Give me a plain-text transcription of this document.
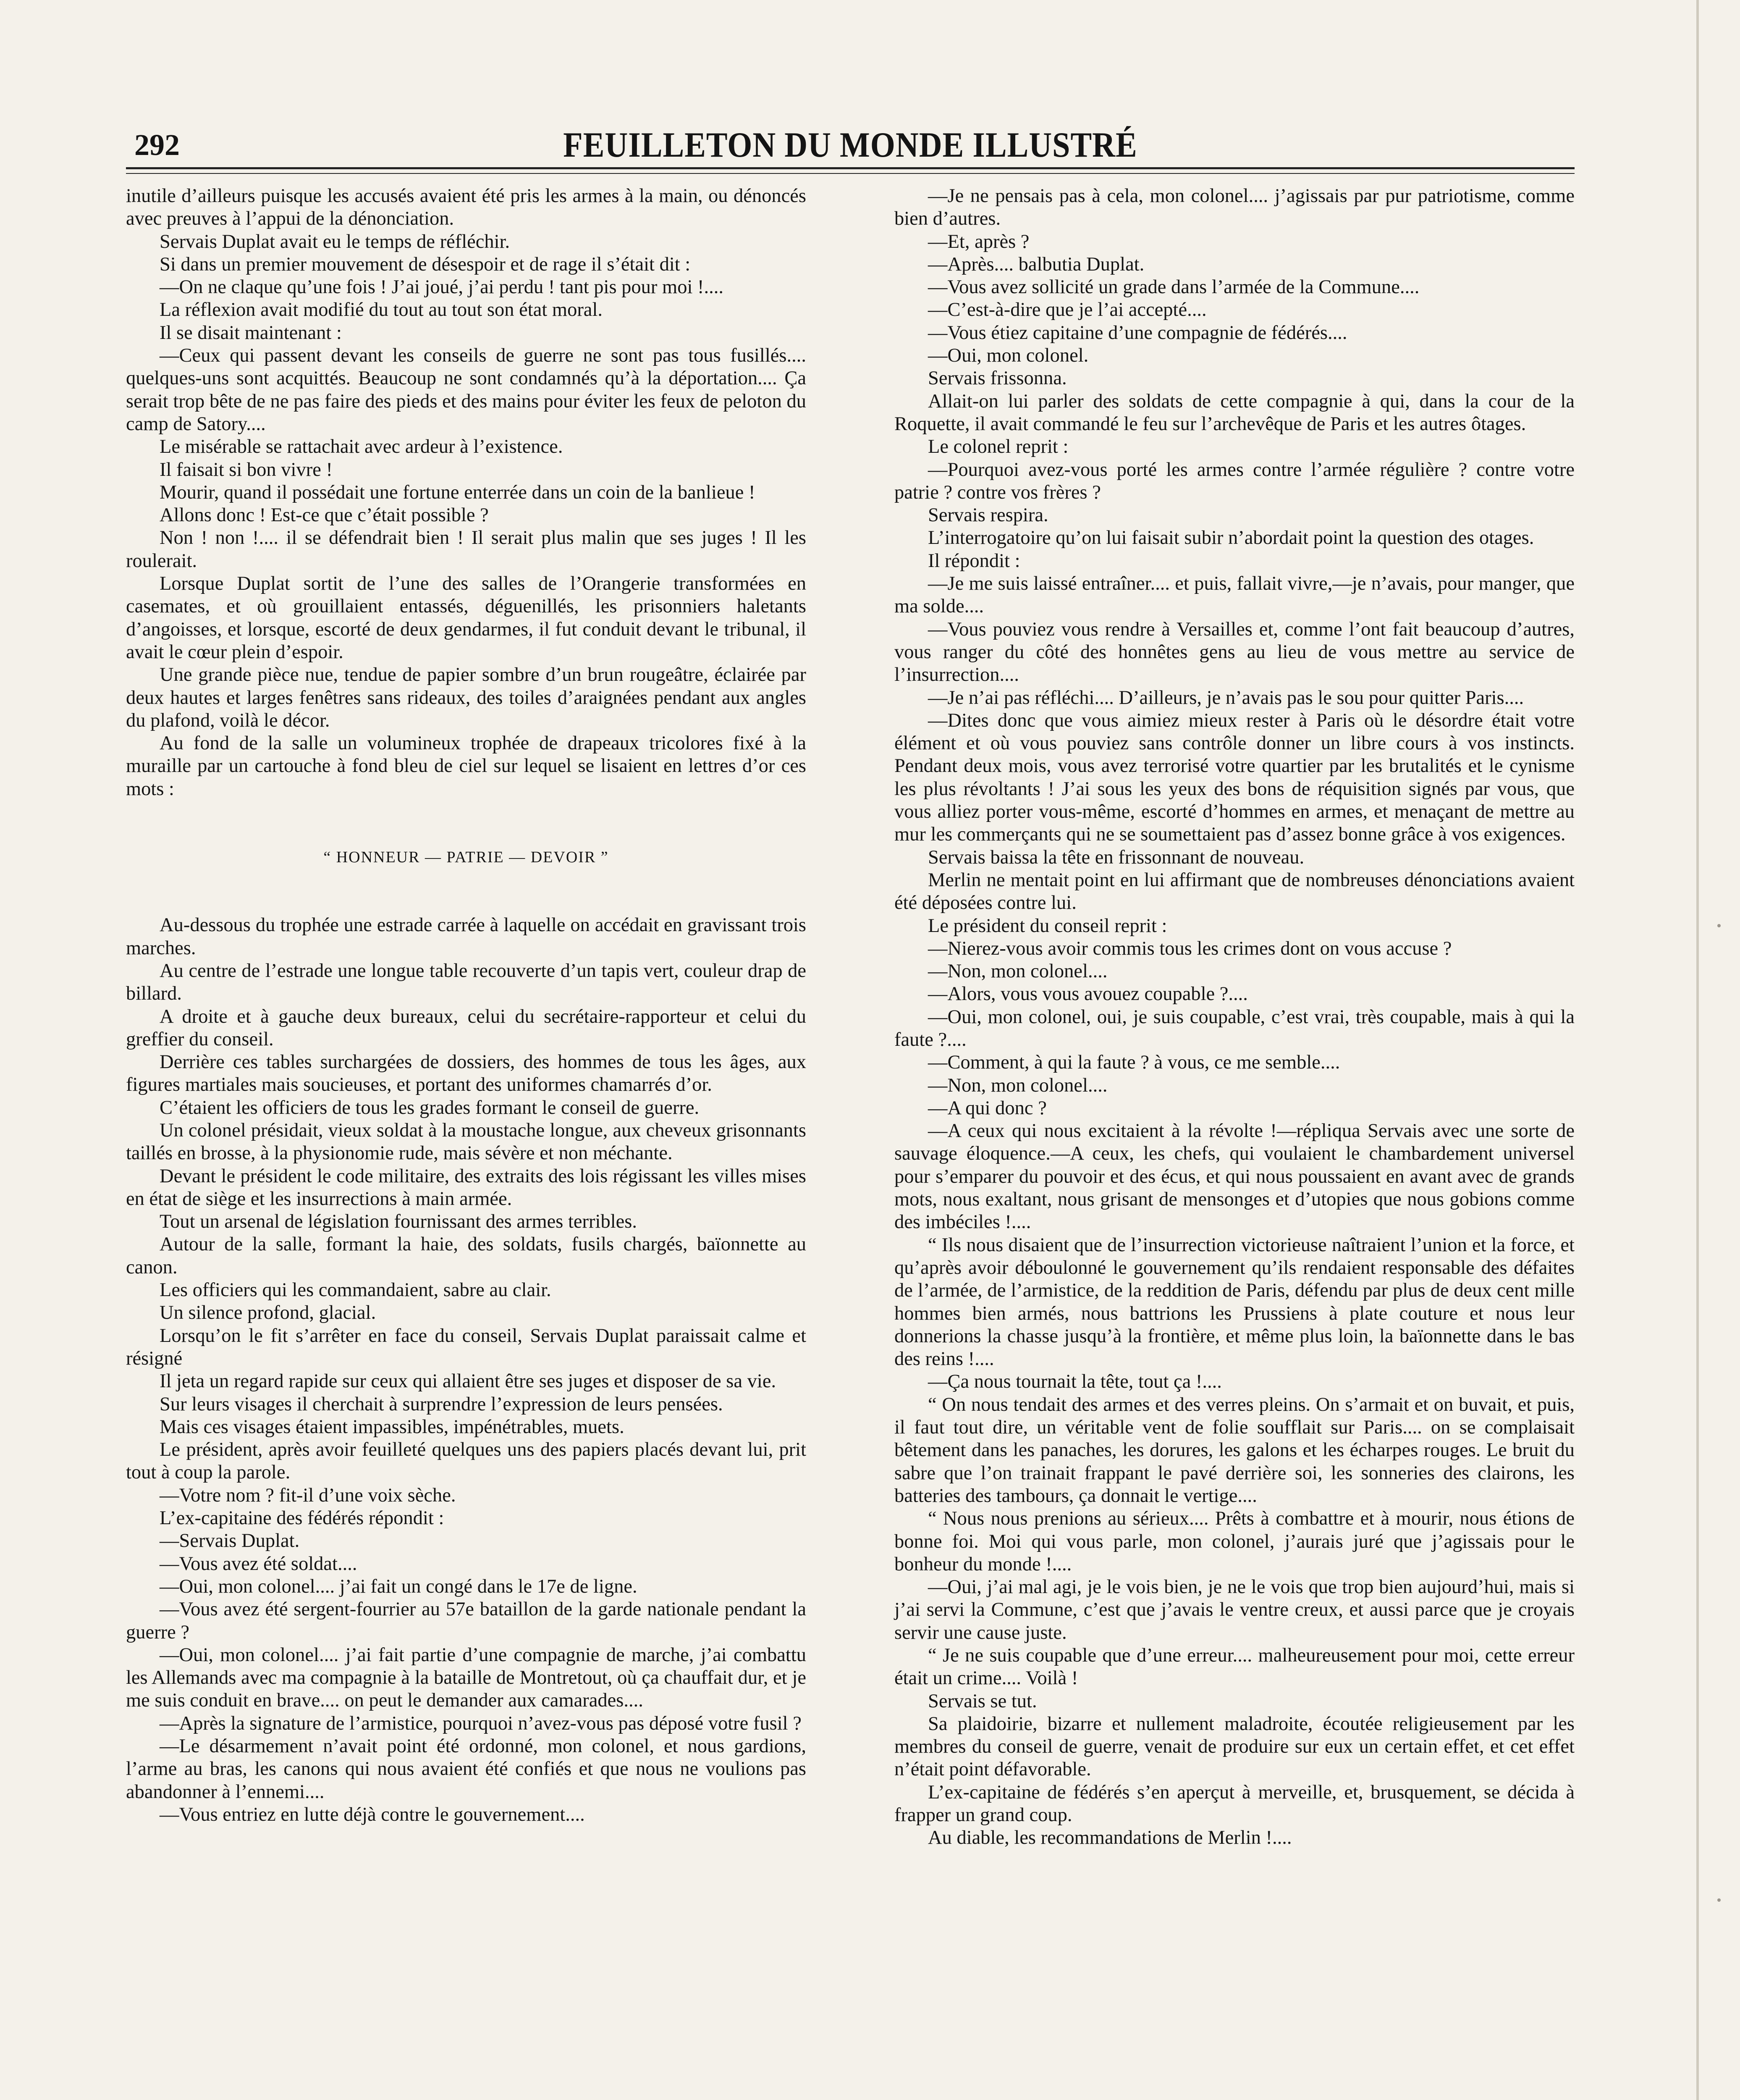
292	FEUILLETON DU MONDE ILLUSTRÉ

inutile d’ailleurs puisque les accusés avaient été pris les armes à la main, ou dénoncés avec preuves à l’appui de la dénonciation.

Servais Duplat avait eu le temps de réfléchir.

Si dans un premier mouvement de désespoir et de rage il s’était dit :

—On ne claque qu’une fois ! J’ai joué, j’ai perdu ! tant pis pour moi !....

La réflexion avait modifié du tout au tout son état moral.

Il se disait maintenant :

—Ceux qui passent devant les conseils de guerre ne sont pas tous fusillés.... quelques-uns sont acquittés. Beaucoup ne sont condamnés qu’à la déportation.... Ça serait trop bête de ne pas faire des pieds et des mains pour éviter les feux de peloton du camp de Satory....

Le misérable se rattachait avec ardeur à l’existence.

Il faisait si bon vivre !

Mourir, quand il possédait une fortune enterrée dans un coin de la banlieue !

Allons donc ! Est-ce que c’était possible ?

Non ! non !.... il se défendrait bien ! Il serait plus malin que ses juges ! Il les roulerait.

Lorsque Duplat sortit de l’une des salles de l’Orangerie transformées en casemates, et où grouillaient entassés, déguenillés, les prisonniers haletants d’angoisses, et lorsque, escorté de deux gendarmes, il fut conduit devant le tribunal, il avait le cœur plein d’espoir.

Une grande pièce nue, tendue de papier sombre d’un brun rougeâtre, éclairée par deux hautes et larges fenêtres sans rideaux, des toiles d’araignées pendant aux angles du plafond, voilà le décor.

Au fond de la salle un volumineux trophée de drapeaux tricolores fixé à la muraille par un cartouche à fond bleu de ciel sur lequel se lisaient en lettres d’or ces mots :

“ HONNEUR — PATRIE — DEVOIR ”

Au-dessous du trophée une estrade carrée à laquelle on accédait en gravissant trois marches.

Au centre de l’estrade une longue table recouverte d’un tapis vert, couleur drap de billard.

A droite et à gauche deux bureaux, celui du secrétaire-rapporteur et celui du greffier du conseil.

Derrière ces tables surchargées de dossiers, des hommes de tous les âges, aux figures martiales mais soucieuses, et portant des uniformes chamarrés d’or.

C’étaient les officiers de tous les grades formant le conseil de guerre.

Un colonel présidait, vieux soldat à la moustache longue, aux cheveux grisonnants taillés en brosse, à la physionomie rude, mais sévère et non méchante.

Devant le président le code militaire, des extraits des lois régissant les villes mises en état de siège et les insurrections à main armée.

Tout un arsenal de législation fournissant des armes terribles.

Autour de la salle, formant la haie, des soldats, fusils chargés, baïonnette au canon.

Les officiers qui les commandaient, sabre au clair.

Un silence profond, glacial.

Lorsqu’on le fit s’arrêter en face du conseil, Servais Duplat paraissait calme et résigné

Il jeta un regard rapide sur ceux qui allaient être ses juges et disposer de sa vie.

Sur leurs visages il cherchait à surprendre l’expression de leurs pensées.

Mais ces visages étaient impassibles, impénétrables, muets.

Le président, après avoir feuilleté quelques uns des papiers placés devant lui, prit tout à coup la parole.

—Votre nom ? fit-il d’une voix sèche.

L’ex-capitaine des fédérés répondit :

—Servais Duplat.

—Vous avez été soldat....

—Oui, mon colonel.... j’ai fait un congé dans le 17e de ligne.

—Vous avez été sergent-fourrier au 57e bataillon de la garde nationale pendant la guerre ?

—Oui, mon colonel.... j’ai fait partie d’une compagnie de marche, j’ai combattu les Allemands avec ma compagnie à la bataille de Montretout, où ça chauffait dur, et je me suis conduit en brave.... on peut le demander aux camarades....

—Après la signature de l’armistice, pourquoi n’avez-vous pas déposé votre fusil ?

—Le désarmement n’avait point été ordonné, mon colonel, et nous gardions, l’arme au bras, les canons qui nous avaient été confiés et que nous ne voulions pas abandonner à l’ennemi....

—Vous entriez en lutte déjà contre le gouvernement....

—Je ne pensais pas à cela, mon colonel.... j’agissais par pur patriotisme, comme bien d’autres.

—Et, après ?

—Après.... balbutia Duplat.

—Vous avez sollicité un grade dans l’armée de la Commune....

—C’est-à-dire que je l’ai accepté....

—Vous étiez capitaine d’une compagnie de fédérés....

—Oui, mon colonel.

Servais frissonna.

Allait-on lui parler des soldats de cette compagnie à qui, dans la cour de la Roquette, il avait commandé le feu sur l’archevêque de Paris et les autres ôtages.

Le colonel reprit :

—Pourquoi avez-vous porté les armes contre l’armée régulière ? contre votre patrie ? contre vos frères ?

Servais respira.

L’interrogatoire qu’on lui faisait subir n’abordait point la question des otages.

Il répondit :

—Je me suis laissé entraîner.... et puis, fallait vivre,—je n’avais, pour manger, que ma solde....

—Vous pouviez vous rendre à Versailles et, comme l’ont fait beaucoup d’autres, vous ranger du côté des honnêtes gens au lieu de vous mettre au service de l’insurrection....

—Je n’ai pas réfléchi.... D’ailleurs, je n’avais pas le sou pour quitter Paris....

—Dites donc que vous aimiez mieux rester à Paris où le désordre était votre élément et où vous pouviez sans contrôle donner un libre cours à vos instincts. Pendant deux mois, vous avez terrorisé votre quartier par les brutalités et le cynisme les plus révoltants ! J’ai sous les yeux des bons de réquisition signés par vous, que vous alliez porter vous-même, escorté d’hommes en armes, et menaçant de mettre au mur les commerçants qui ne se soumettaient pas d’assez bonne grâce à vos exigences.

Servais baissa la tête en frissonnant de nouveau.

Merlin ne mentait point en lui affirmant que de nombreuses dénonciations avaient été déposées contre lui.

Le président du conseil reprit :

—Nierez-vous avoir commis tous les crimes dont on vous accuse ?

—Non, mon colonel....

—Alors, vous vous avouez coupable ?....

—Oui, mon colonel, oui, je suis coupable, c’est vrai, très coupable, mais à qui la faute ?....

—Comment, à qui la faute ? à vous, ce me semble....

—Non, mon colonel....

—A qui donc ?

—A ceux qui nous excitaient à la révolte !—répliqua Servais avec une sorte de sauvage éloquence.—A ceux, les chefs, qui voulaient le chambardement universel pour s’emparer du pouvoir et des écus, et qui nous poussaient en avant avec de grands mots, nous exaltant, nous grisant de mensonges et d’utopies que nous gobions comme des imbéciles !....

“ Ils nous disaient que de l’insurrection victorieuse naîtraient l’union et la force, et qu’après avoir déboulonné le gouvernement qu’ils rendaient responsable des défaites de l’armée, de l’armistice, de la reddition de Paris, défendu par plus de deux cent mille hommes bien armés, nous battrions les Prussiens à plate couture et nous leur donnerions la chasse jusqu’à la frontière, et même plus loin, la baïonnette dans le bas des reins !....

—Ça nous tournait la tête, tout ça !....

“ On nous tendait des armes et des verres pleins. On s’armait et on buvait, et puis, il faut tout dire, un véritable vent de folie soufflait sur Paris.... on se complaisait bêtement dans les panaches, les dorures, les galons et les écharpes rouges. Le bruit du sabre que l’on trainait frappant le pavé derrière soi, les sonneries des clairons, les batteries des tambours, ça donnait le vertige....

“ Nous nous prenions au sérieux.... Prêts à combattre et à mourir, nous étions de bonne foi. Moi qui vous parle, mon colonel, j’aurais juré que j’agissais pour le bonheur du monde !....

—Oui, j’ai mal agi, je le vois bien, je ne le vois que trop bien aujourd’hui, mais si j’ai servi la Commune, c’est que j’avais le ventre creux, et aussi parce que je croyais servir une cause juste.

“ Je ne suis coupable que d’une erreur.... malheureusement pour moi, cette erreur était un crime.... Voilà !

Servais se tut.

Sa plaidoirie, bizarre et nullement maladroite, écoutée religieusement par les membres du conseil de guerre, venait de produire sur eux un certain effet, et cet effet n’était point défavorable.

L’ex-capitaine de fédérés s’en aperçut à merveille, et, brusquement, se décida à frapper un grand coup.

Au diable, les recommandations de Merlin !....
